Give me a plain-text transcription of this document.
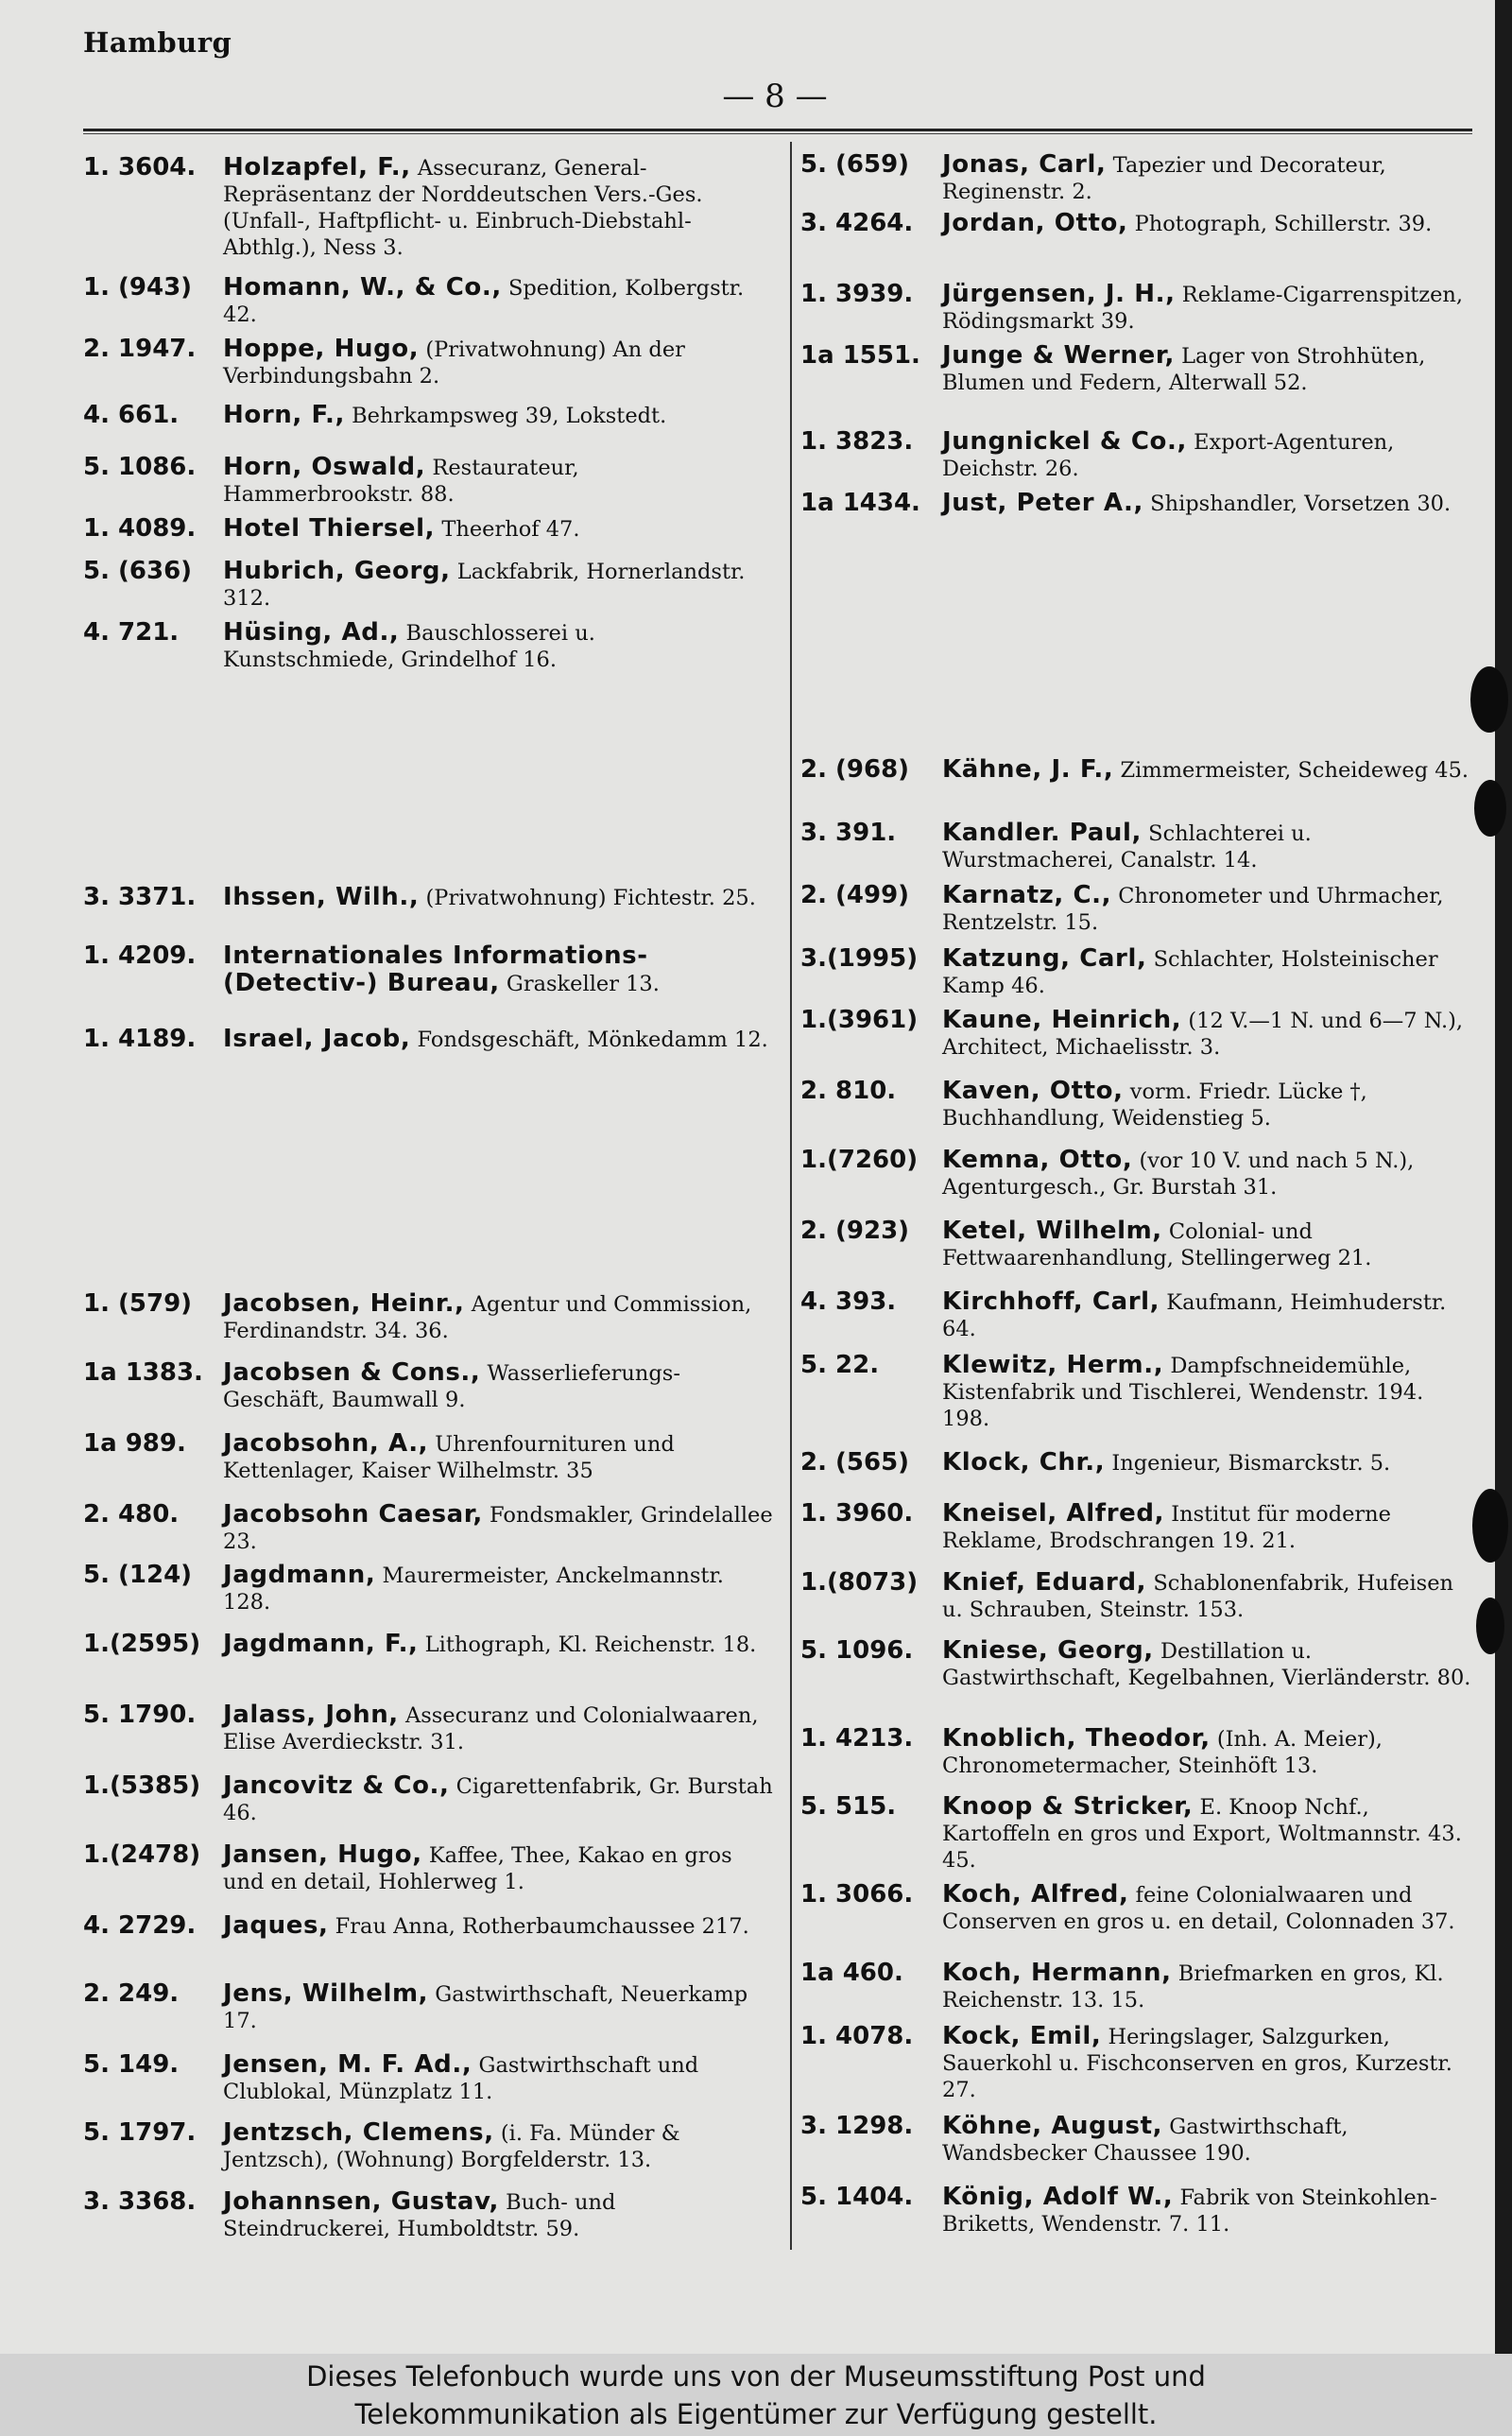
Hamburg
— 8 —
1. 3604.	Holzapfel, F., Assecuranz, General-Repräsentanz der Norddeutschen Vers.-Ges. (Unfall-, Haftpflicht- u. Einbruch-Diebstahl-Abthlg.), Ness 3.
1. (943)	Homann, W., & Co., Spedition, Kolbergstr. 42.
2. 1947.	Hoppe, Hugo, (Privatwohnung) An der Verbindungsbahn 2.
4. 661.	Horn, F., Behrkampsweg 39, Lokstedt.
5. 1086.	Horn, Oswald, Restaurateur, Hammerbrookstr. 88.
1. 4089.	Hotel Thiersel, Theerhof 47.
5. (636)	Hubrich, Georg, Lackfabrik, Hornerlandstr. 312.
4. 721.	Hüsing, Ad., Bauschlosserei u. Kunstschmiede, Grindelhof 16.
3. 3371.	Ihssen, Wilh., (Privatwohnung) Fichtestr. 25.
1. 4209.	Internationales Informations-(Detectiv-) Bureau, Graskeller 13.
1. 4189.	Israel, Jacob, Fondsgeschäft, Mönkedamm 12.
1. (579)	Jacobsen, Heinr., Agentur und Commission, Ferdinandstr. 34. 36.
1a 1383. Jacobsen & Cons., Wasserlieferungs-Geschäft, Baumwall 9.
1a 989.	Jacobsohn, A., Uhrenfournituren und Kettenlager, Kaiser Wilhelmstr. 35
2. 480.	Jacobsohn Caesar, Fondsmakler, Grindelallee 23.
5. (124)	Jagdmann, Maurermeister, Anckelmannstr. 128.
1.(2595) Jagdmann, F., Lithograph, Kl. Reichenstr. 18.
5. 1790.	Jalass, John, Assecuranz und Colonialwaaren, Elise Averdieckstr. 31.
1.(5385) Jancovitz & Co., Cigarettenfabrik, Gr. Burstah 46.
1.(2478) Jansen, Hugo, Kaffee, Thee, Kakao en gros und en detail, Hohlerweg 1.
4. 2729.	Jaques, Frau Anna, Rotherbaumchaussee 217.
2. 249.	Jens, Wilhelm, Gastwirthschaft, Neuerkamp 17.
5. 149.	Jensen, M. F. Ad., Gastwirthschaft und Clublokal, Münzplatz 11.
5. 1797.	Jentzsch, Clemens, (i. Fa. Münder & Jentzsch), (Wohnung) Borgfelderstr. 13.
3. 3368.	Johannsen, Gustav, Buch- und Steindruckerei, Humboldtstr. 59.
5. (659)	Jonas, Carl, Tapezier und Decorateur, Reginenstr. 2.
3. 4264.	Jordan, Otto, Photograph, Schillerstr. 39.
1. 3939.	Jürgensen, J. H., Reklame-Cigarrenspitzen, Rödingsmarkt 39.
1a 1551. Junge & Werner, Lager von Strohhüten, Blumen und Federn, Alterwall 52.
1. 3823.	Jungnickel & Co., Export-Agenturen, Deichstr. 26.
1a 1434. Just, Peter A., Shipshandler, Vorsetzen 30.
2. (968)	Kähne, J. F., Zimmermeister, Scheideweg 45.
3. 391.	Kandler. Paul, Schlachterei u. Wurstmacherei, Canalstr. 14.
2. (499)	Karnatz, C., Chronometer und Uhrmacher, Rentzelstr. 15.
3.(1995) Katzung, Carl, Schlachter, Holsteinischer Kamp 46.
1.(3961) Kaune, Heinrich, (12 V.—1 N. und 6—7 N.), Architect, Michaelisstr. 3.
2. 810.	Kaven, Otto, vorm. Friedr. Lücke †, Buchhandlung, Weidenstieg 5.
1.(7260) Kemna, Otto, (vor 10 V. und nach 5 N.), Agenturgesch., Gr. Burstah 31.
2. (923)	Ketel, Wilhelm, Colonial- und Fettwaarenhandlung, Stellingerweg 21.
4. 393.	Kirchhoff, Carl, Kaufmann, Heimhuderstr. 64.
5. 22.	Klewitz, Herm., Dampfschneidemühle, Kistenfabrik und Tischlerei, Wendenstr. 194. 198.
2. (565)	Klock, Chr., Ingenieur, Bismarckstr. 5.
1. 3960.	Kneisel, Alfred, Institut für moderne Reklame, Brodschrangen 19. 21.
1.(8073) Knief, Eduard, Schablonenfabrik, Hufeisen u. Schrauben, Steinstr. 153.
5. 1096.	Kniese, Georg, Destillation u. Gastwirthschaft, Kegelbahnen, Vierländerstr. 80.
1. 4213.	Knoblich, Theodor, (Inh. A. Meier), Chronometermacher, Steinhöft 13.
5. 515.	Knoop & Stricker, E. Knoop Nchf., Kartoffeln en gros und Export, Woltmannstr. 43. 45.
1. 3066.	Koch, Alfred, feine Colonialwaaren und Conserven en gros u. en detail, Colonnaden 37.
1a 460.	Koch, Hermann, Briefmarken en gros, Kl. Reichenstr. 13. 15.
1. 4078.	Kock, Emil, Heringslager, Salzgurken, Sauerkohl u. Fischconserven en gros, Kurzestr. 27.
3. 1298.	Köhne, August, Gastwirthschaft, Wandsbecker Chaussee 190.
5. 1404.	König, Adolf W., Fabrik von Steinkohlen-Briketts, Wendenstr. 7. 11.
Dieses Telefonbuch wurde uns von der Museumsstiftung Post und
Telekommunikation als Eigentümer zur Verfügung gestellt.
